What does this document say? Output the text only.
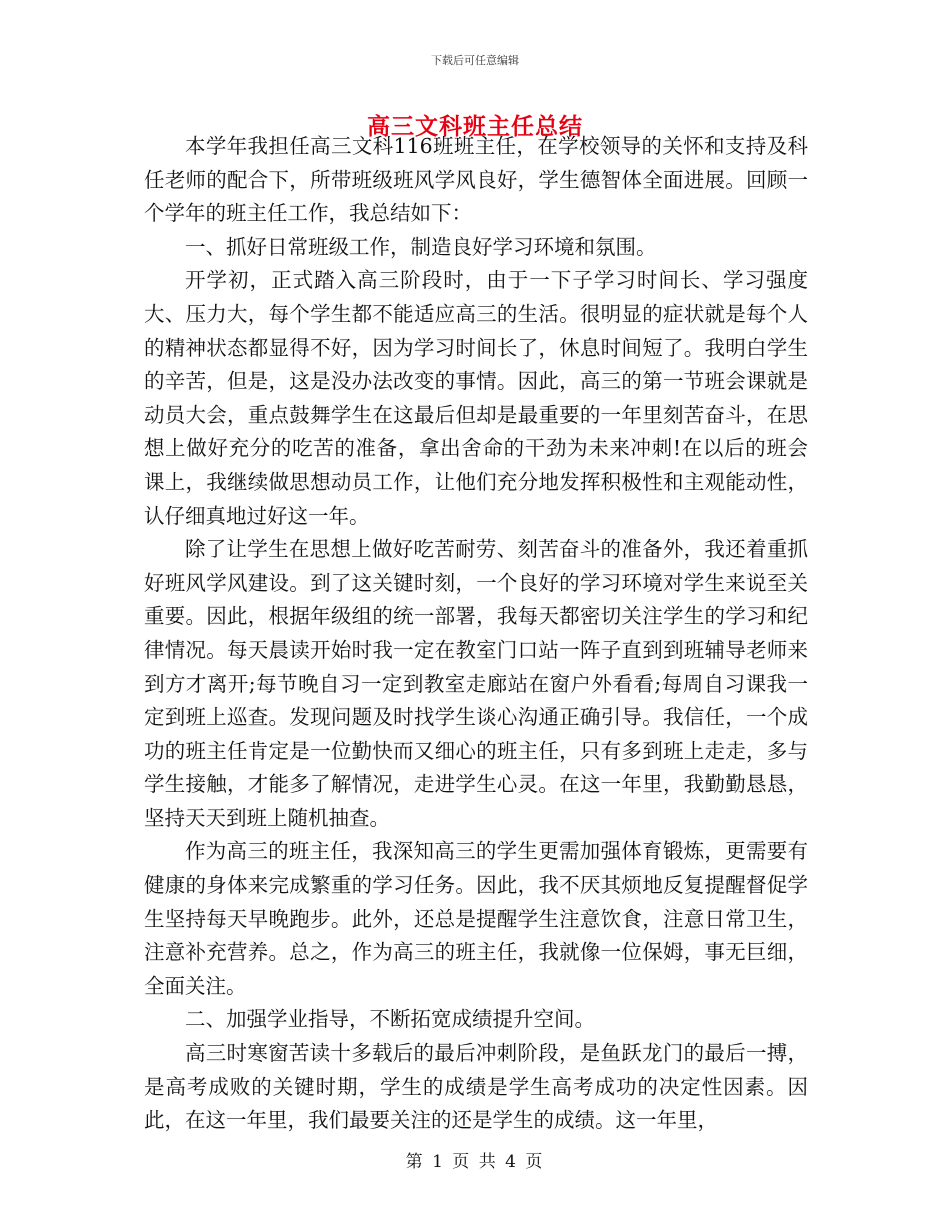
下载后可任意编辑
高三文科班主任总结

本学年我担任高三文科116班班主任，在学校领导的关怀和支持及科任老师的配合下，所带班级班风学风良好，学生德智体全面进展。回顾一个学年的班主任工作，我总结如下：

一、抓好日常班级工作，制造良好学习环境和氛围。

开学初，正式踏入高三阶段时，由于一下子学习时间长、学习强度大、压力大，每个学生都不能适应高三的生活。很明显的症状就是每个人的精神状态都显得不好，因为学习时间长了，休息时间短了。我明白学生的辛苦，但是，这是没办法改变的事情。因此，高三的第一节班会课就是动员大会，重点鼓舞学生在这最后但却是最重要的一年里刻苦奋斗，在思想上做好充分的吃苦的准备，拿出舍命的干劲为未来冲刺!在以后的班会课上，我继续做思想动员工作，让他们充分地发挥积极性和主观能动性，认仔细真地过好这一年。

除了让学生在思想上做好吃苦耐劳、刻苦奋斗的准备外，我还着重抓好班风学风建设。到了这关键时刻，一个良好的学习环境对学生来说至关重要。因此，根据年级组的统一部署，我每天都密切关注学生的学习和纪律情况。每天晨读开始时我一定在教室门口站一阵子直到到班辅导老师来到方才离开;每节晚自习一定到教室走廊站在窗户外看看;每周自习课我一定到班上巡查。发现问题及时找学生谈心沟通正确引导。我信任，一个成功的班主任肯定是一位勤快而又细心的班主任，只有多到班上走走，多与学生接触，才能多了解情况，走进学生心灵。在这一年里，我勤勤恳恳，坚持天天到班上随机抽查。

作为高三的班主任，我深知高三的学生更需加强体育锻炼，更需要有健康的身体来完成繁重的学习任务。因此，我不厌其烦地反复提醒督促学生坚持每天早晚跑步。此外，还总是提醒学生注意饮食，注意日常卫生，注意补充营养。总之，作为高三的班主任，我就像一位保姆，事无巨细，全面关注。

二、加强学业指导，不断拓宽成绩提升空间。

高三时寒窗苦读十多载后的最后冲刺阶段，是鱼跃龙门的最后一搏，是高考成败的关键时期，学生的成绩是学生高考成功的决定性因素。因此，在这一年里，我们最要关注的还是学生的成绩。这一年里，

第 1 页 共 4 页
